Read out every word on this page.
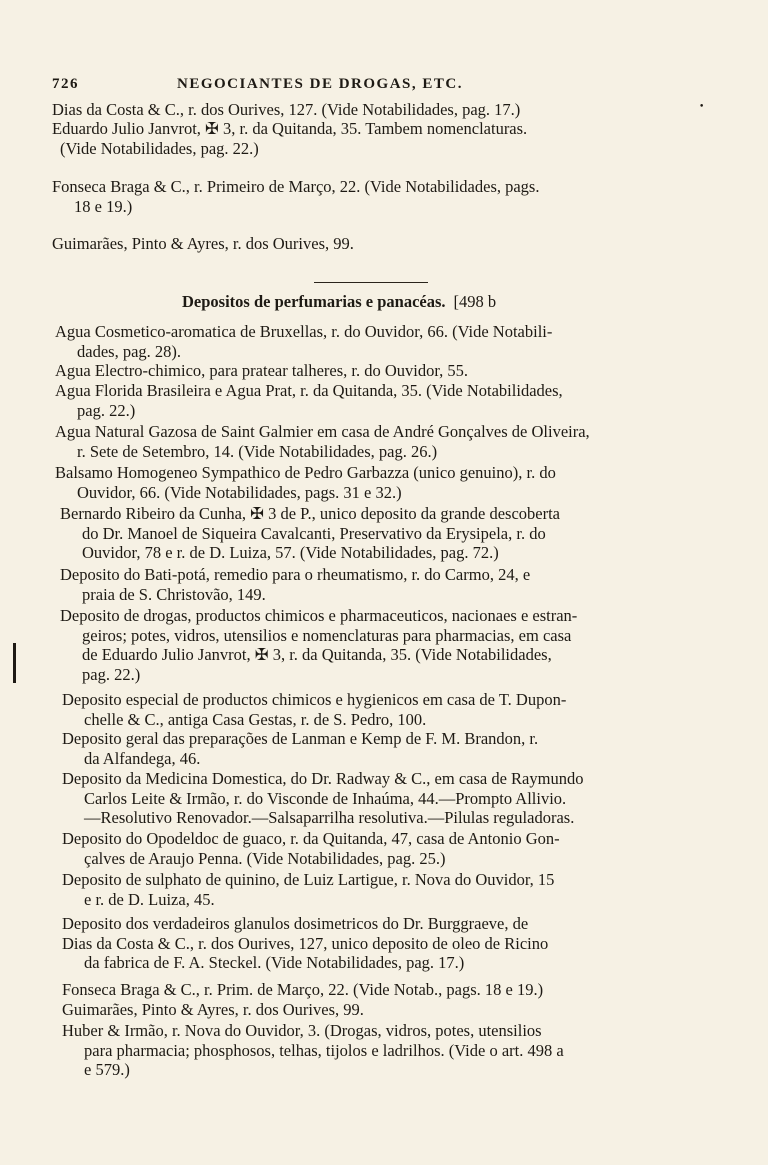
726	NEGOCIANTES DE DROGAS, ETC.
•
Dias da Costa & C., r. dos Ourives, 127. (Vide Notabilidades, pag. 17.)
Eduardo Julio Janvrot, ✠ 3, r. da Quitanda, 35. Tambem nomenclaturas.
(Vide Notabilidades, pag. 22.)
Fonseca Braga & C., r. Primeiro de Março, 22. (Vide Notabilidades, pags.
18 e 19.)
Guimarães, Pinto & Ayres, r. dos Ourives, 99.
Depositos de perfumarias e panacéas. [498 b
Agua Cosmetico-aromatica de Bruxellas, r. do Ouvidor, 66. (Vide Notabili-
dades, pag. 28).
Agua Electro-chimico, para pratear talheres, r. do Ouvidor, 55.
Agua Florida Brasileira e Agua Prat, r. da Quitanda, 35. (Vide Notabilidades,
pag. 22.)
Agua Natural Gazosa de Saint Galmier em casa de André Gonçalves de Oliveira,
r. Sete de Setembro, 14. (Vide Notabilidades, pag. 26.)
Balsamo Homogeneo Sympathico de Pedro Garbazza (unico genuino), r. do
Ouvidor, 66. (Vide Notabilidades, pags. 31 e 32.)
Bernardo Ribeiro da Cunha, ✠ 3 de P., unico deposito da grande descoberta
do Dr. Manoel de Siqueira Cavalcanti, Preservativo da Erysipela, r. do
Ouvidor, 78 e r. de D. Luiza, 57. (Vide Notabilidades, pag. 72.)
Deposito do Bati-potá, remedio para o rheumatismo, r. do Carmo, 24, e
praia de S. Christovão, 149.
Deposito de drogas, productos chimicos e pharmaceuticos, nacionaes e estran-
geiros; potes, vidros, utensilios e nomenclaturas para pharmacias, em casa
de Eduardo Julio Janvrot, ✠ 3, r. da Quitanda, 35. (Vide Notabilidades,
pag. 22.)
Deposito especial de productos chimicos e hygienicos em casa de T. Dupon-
chelle & C., antiga Casa Gestas, r. de S. Pedro, 100.
Deposito geral das preparações de Lanman e Kemp de F. M. Brandon, r.
da Alfandega, 46.
Deposito da Medicina Domestica, do Dr. Radway & C., em casa de Raymundo
Carlos Leite & Irmão, r. do Visconde de Inhaúma, 44.—Prompto Allivio.
—Resolutivo Renovador.—Salsaparrilha resolutiva.—Pilulas reguladoras.
Deposito do Opodeldoc de guaco, r. da Quitanda, 47, casa de Antonio Gon-
çalves de Araujo Penna. (Vide Notabilidades, pag. 25.)
Deposito de sulphato de quinino, de Luiz Lartigue, r. Nova do Ouvidor, 15
e r. de D. Luiza, 45.
Deposito dos verdadeiros glanulos dosimetricos do Dr. Burggraeve, de
Dias da Costa & C., r. dos Ourives, 127, unico deposito de oleo de Ricino
da fabrica de F. A. Steckel. (Vide Notabilidades, pag. 17.)
Fonseca Braga & C., r. Prim. de Março, 22. (Vide Notab., pags. 18 e 19.)
Guimarães, Pinto & Ayres, r. dos Ourives, 99.
Huber & Irmão, r. Nova do Ouvidor, 3. (Drogas, vidros, potes, utensilios
para pharmacia; phosphosos, telhas, tijolos e ladrilhos. (Vide o art. 498 a
e 579.)
